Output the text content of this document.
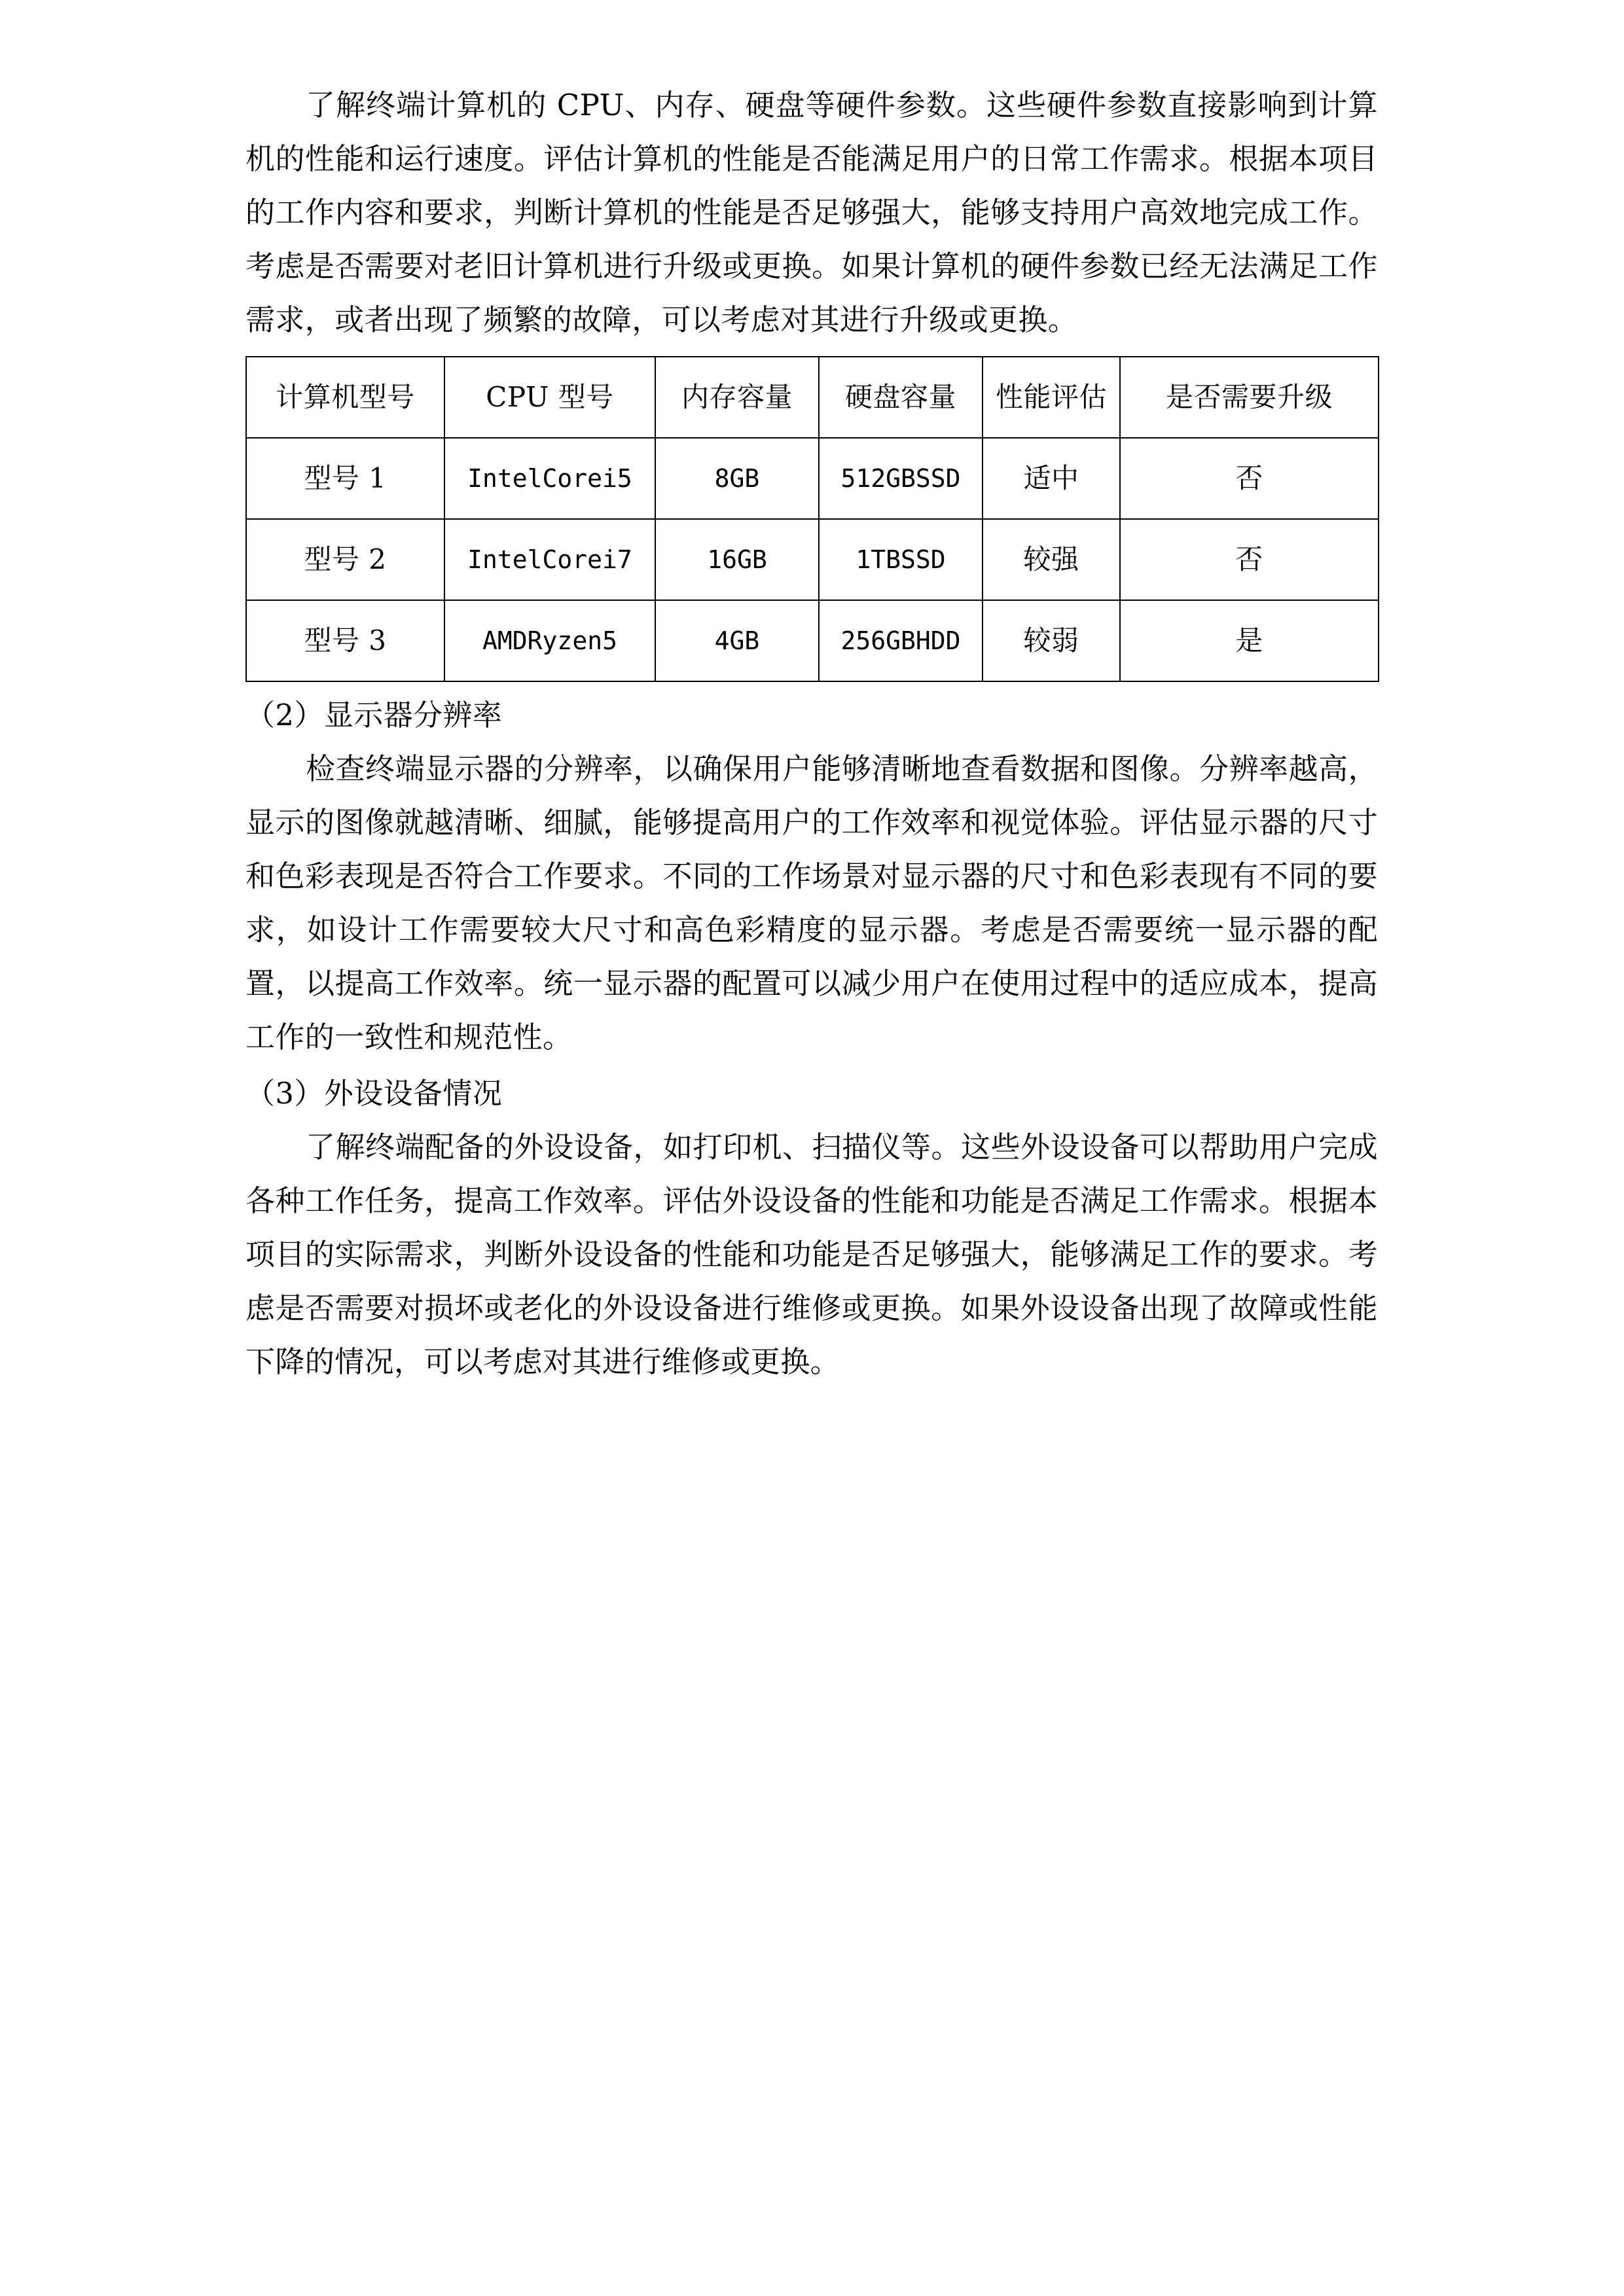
了解终端计算机的 CPU、内存、硬盘等硬件参数。这些硬件参数直接影响到计算机的性能和运行速度。评估计算机的性能是否能满足用户的日常工作需求。根据本项目的工作内容和要求，判断计算机的性能是否足够强大，能够支持用户高效地完成工作。考虑是否需要对老旧计算机进行升级或更换。如果计算机的硬件参数已经无法满足工作需求，或者出现了频繁的故障，可以考虑对其进行升级或更换。

计算机型号	CPU 型号	内存容量	硬盘容量	性能评估	是否需要升级
型号 1	IntelCorei5	8GB	512GBSSD	适中	否
型号 2	IntelCorei7	16GB	1TBSSD	较强	否
型号 3	AMDRyzen5	4GB	256GBHDD	较弱	是

（2）显示器分辨率

检查终端显示器的分辨率，以确保用户能够清晰地查看数据和图像。分辨率越高，显示的图像就越清晰、细腻，能够提高用户的工作效率和视觉体验。评估显示器的尺寸和色彩表现是否符合工作要求。不同的工作场景对显示器的尺寸和色彩表现有不同的要求，如设计工作需要较大尺寸和高色彩精度的显示器。考虑是否需要统一显示器的配置，以提高工作效率。统一显示器的配置可以减少用户在使用过程中的适应成本，提高工作的一致性和规范性。

（3）外设设备情况

了解终端配备的外设设备，如打印机、扫描仪等。这些外设设备可以帮助用户完成各种工作任务，提高工作效率。评估外设设备的性能和功能是否满足工作需求。根据本项目的实际需求，判断外设设备的性能和功能是否足够强大，能够满足工作的要求。考虑是否需要对损坏或老化的外设设备进行维修或更换。如果外设设备出现了故障或性能下降的情况，可以考虑对其进行维修或更换。
